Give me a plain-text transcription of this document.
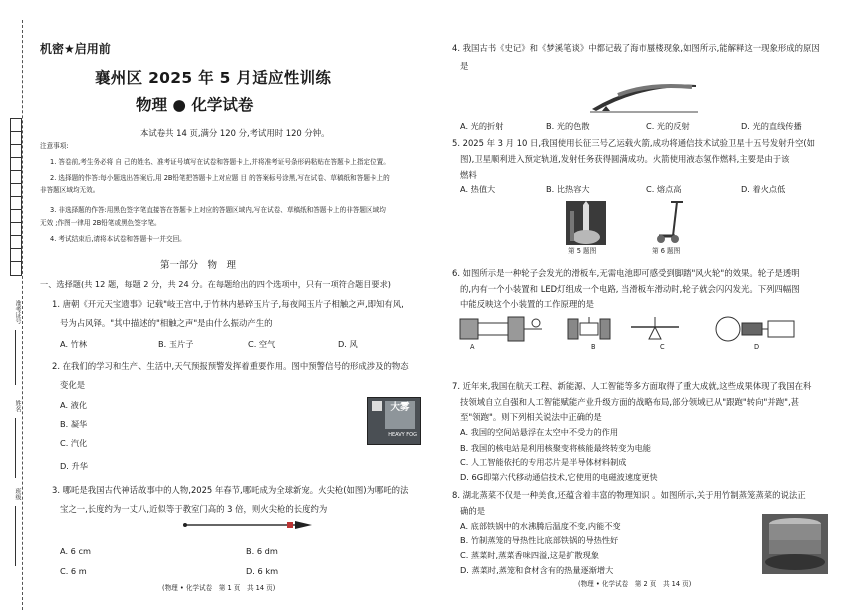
准考证号
姓名
班级
机密★启用前
襄州区 2025 年 5 月适应性训练
物理 ● 化学试卷
本试卷共 14 页,满分 120 分,考试用时 120 分钟。
注意事项:
1. 答卷前,考生务必将 自 己的姓名、准考证号填写在试卷和答题卡上,并将准考证号条形码粘贴在答题卡上指定位置。
2. 选择题的作答:每小题选出答案后,用 2B铅笔把答题卡上对应题 目 的答案标号涂黑,写在试卷、草稿纸和答题卡上的
非答题区域均无效。
3. 非选择题的作答:用黑色签字笔直接答在答题卡上对应的答题区域内,写在试卷、草稿纸和答题卡上的非答题区域均
无效 ;作图一律用 2B铅笔或黑色签字笔。
4. 考试结束后,请将本试卷和答题卡一并交回。
第一部分　物　理
一、选择题(共 12 题，每题 2 分，共 24 分。在每题给出的四个选项中，只有一项符合题目要求)
1. 唐朝《开元天宝遗事》记载"岐王宫中,于竹林内悬碎玉片子,每夜闻玉片子相触之声,即知有风,
号为占风铎。"其中描述的"相触之声"是由什么振动产生的
A. 竹林	B. 玉片子	C. 空气	D. 风
2. 在我们的学习和生产、生活中,天气预报预警发挥着重要作用。图中预警信号的形成涉及的物态
变化是
A. 液化
B. 凝华
C. 汽化
D. 升华
大雾
HEAVY FOG
3. 哪吒是我国古代神话故事中的人物,2025 年春节,哪吒成为全球新宠。火尖枪(如图)为哪吒的法
宝之一,长度约为一丈八,近似等于教室门高的 3 倍，则火尖枪的长度约为
A. 6 cm	B. 6 dm
C. 6 m	D. 6 km
(物理 • 化学试卷　第 1 页　共 14 页)
4. 我国古书《史记》和《梦溪笔谈》中都记载了海市蜃楼现象,如图所示,能解释这一现象形成的原因
是
A. 光的折射	B. 光的色散	C. 光的反射	D. 光的直线传播
5. 2025 年 3 月 10 日,我国使用长征三号乙运载火箭,成功将通信技术试验卫星十五号发射升空(如
图),卫星顺利进入预定轨道,发射任务获得圆满成功。火箭使用液态氢作燃料,主要是由于该
燃料
A. 热值大	B. 比热容大	C. 熔点高	D. 着火点低
第 5 题图	第 6 题图
6. 如图所示是一种轮子会发光的滑板车,无需电池即可感受到脚踏"风火轮"的效果。轮子是透明
的,内有一个小装置和 LED灯组成一个电路, 当滑板车滑动时,轮子就会闪闪发光。下列四幅图
中能反映这个小装置的工作原理的是
A	B	C	D
7. 近年来,我国在航天工程、新能源、人工智能等多方面取得了重大成就,这些成果体现了我国在科
技领域自立自强和人工智能赋能产业升级方面的战略布局,部分领域已从"跟跑"转向"并跑",甚
至"领跑"。则下列相关说法中正确的是
A. 我国的空间站悬浮在太空中不受力的作用
B. 我国的核电站是利用核聚变将核能最终转变为电能
C. 人工智能依托的专用芯片是半导体材料制成
D. 6G即第六代移动通信技术,它使用的电磁波速度更快
8. 湖北蒸菜不仅是一种美食,还蕴含着丰富的物理知识 。如图所示,关于用竹制蒸笼蒸菜的说法正
确的是
A. 底部铁锅中的水沸腾后温度不变,内能不变
B. 竹制蒸笼的导热性比底部铁锅的导热性好
C. 蒸菜时,蒸菜香味四溢,这是扩散现象
D. 蒸菜时,蒸笼和食材含有的热量逐渐增大
(物理 • 化学试卷　第 2 页　共 14 页)
